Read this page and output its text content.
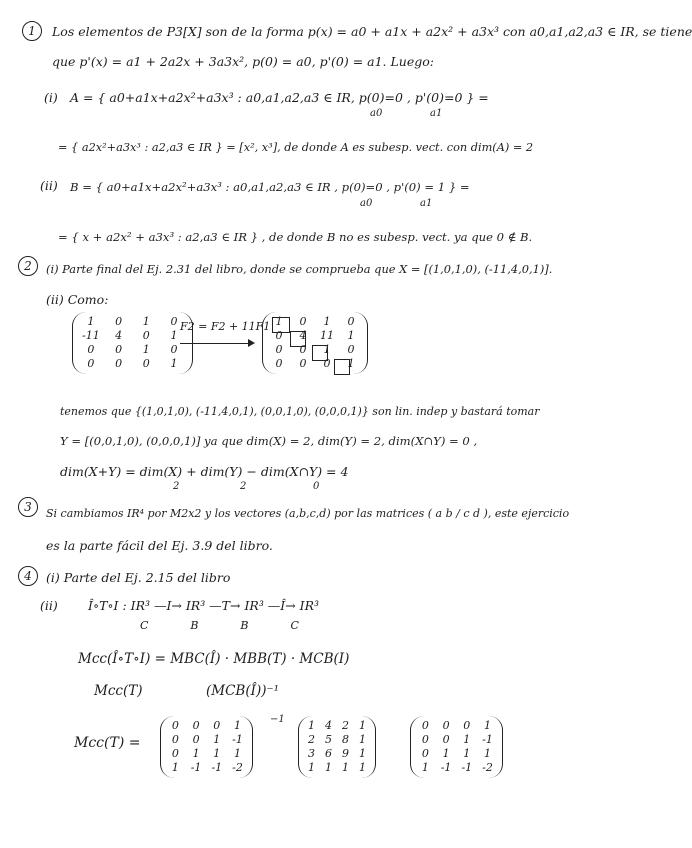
1	Los elementos de P3[X] son de la forma p(x) = a0 + a1x + a2x² + a3x³ con a0,a1,a2,a3 ∈ IR, se tiene
que p'(x) = a1 + 2a2x + 3a3x², p(0) = a0, p'(0) = a1. Luego:
(i) A = { a0+a1x+a2x²+a3x³ : a0,a1,a2,a3 ∈ IR, p(0)=0 , p'(0)=0 } =
a0	a1
= { a2x²+a3x³ : a2,a3 ∈ IR } = [x², x³], de donde A es subesp. vect. con dim(A) = 2
(ii) B = { a0+a1x+a2x²+a3x³ : a0,a1,a2,a3 ∈ IR , p(0)=0 , p'(0) = 1 } =
a0	a1
= { x + a2x² + a3x³ : a2,a3 ∈ IR } , de donde B no es subesp. vect. ya que 0 ∉ B.
2	(i) Parte final del Ej. 2.31 del libro, donde se comprueba que X = [(1,0,1,0), (-11,4,0,1)].
(ii) Como:
1	0	1	0
-11	4	0	1
0	0	1	0
0	0	0	1
F2 = F2 + 11F1 1	0	1	0
0	4	11	1
0	0	1	0
0	0	0	1
tenemos que {(1,0,1,0), (-11,4,0,1), (0,0,1,0), (0,0,0,1)} son lin. indep y bastará tomar
Y = [(0,0,1,0), (0,0,0,1)] ya que dim(X) = 2, dim(Y) = 2, dim(X∩Y) = 0 ,
dim(X+Y) = dim(X) + dim(Y) − dim(X∩Y) = 4
2	2	0
3	Si cambiamos IR⁴ por M2x2 y los vectores (a,b,c,d) por las matrices ( a b / c d ), este ejercicio
es la parte fácil del Ej. 3.9 del libro.
4	(i) Parte del Ej. 2.15 del libro
(ii) Î∘T∘I : IR³ —I→ IR³ —T→ IR³ —Î→ IR³
C            B            B            C
Mcc(Î∘T∘I) = MBC(Î) · MBB(T) · MCB(I)
Mcc(T)	(MCB(Î))⁻¹
Mcc(T) =
0 0 0 1
0 0 1 -1
0 1 1 1
1 -1 -1 -2
−1 1 4 2 1
2 5 8 1
3 6 9 1
1 1 1 1
0 0 0 1
0 0 1 -1
0 1 1 1
1 -1 -1 -2
